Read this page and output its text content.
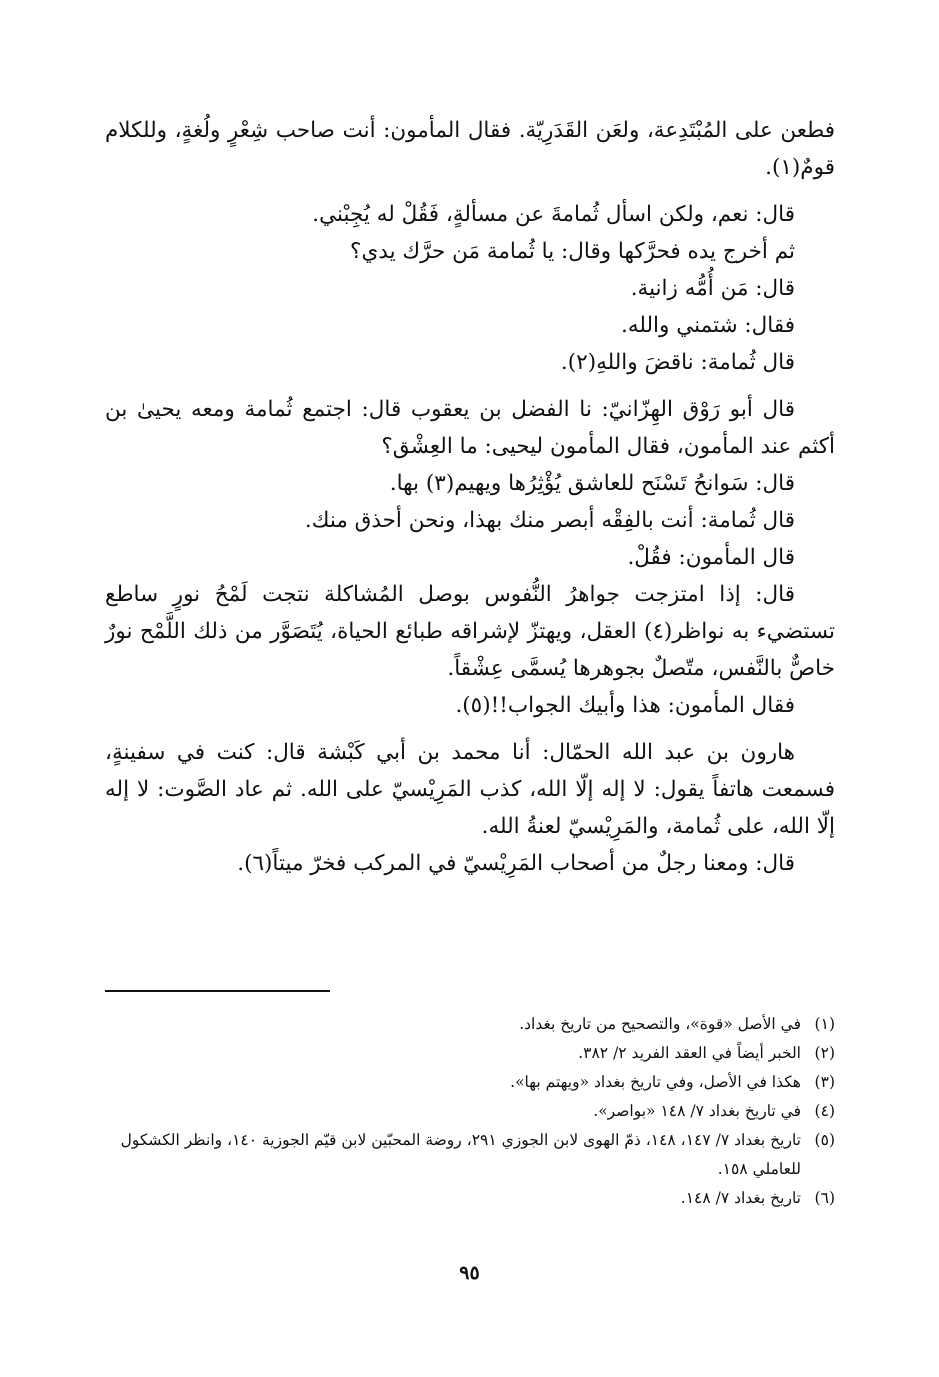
فطعن على المُبْتَدِعة، ولعَن القَدَرِيّة. فقال المأمون: أنت صاحب شِعْرٍ ولُغةٍ، وللكلام قومٌ(١).

قال: نعم، ولكن اسأل ثُمامةَ عن مسألةٍ، فَقُلْ له يُجِبْني.

ثم أخرج يده فحرَّكها وقال: يا ثُمامة مَن حرَّك يدي؟

قال: مَن أُمُّه زانية.

فقال: شتمني والله.

قال ثُمامة: ناقضَ واللهِ(٢).

قال أبو رَوْق الهِزّانيّ: نا الفضل بن يعقوب قال: اجتمع ثُمامة ومعه يحيىٰ بن أكثم عند المأمون، فقال المأمون ليحيى: ما العِشْق؟

قال: سَوانحُ تَسْنَح للعاشق يُؤْثِرُها ويهيم(٣) بها.

قال ثُمامة: أنت بالفِقْه أبصر منك بهذا، ونحن أحذق منك.

قال المأمون: فقُلْ.

قال: إذا امتزجت جواهرُ النُّفوس بوصل المُشاكلة نتجت لَمْحُ نورٍ ساطع تستضيء به نواظر(٤) العقل، ويهتزّ لإشراقه طبائع الحياة، يُتَصَوَّر من ذلك اللَّمْح نورٌ خاصٌّ بالنَّفس، متّصلٌ بجوهرها يُسمَّى عِشْقاً.

فقال المأمون: هذا وأبيك الجواب!!(٥).

هارون بن عبد الله الحمّال: أنا محمد بن أبي كَبْشة قال: كنت في سفينةٍ، فسمعت هاتفاً يقول: لا إله إلّا الله، كذب المَرِيْسيّ على الله. ثم عاد الصَّوت: لا إله إلّا الله، على ثُمامة، والمَرِيْسيّ لعنةُ الله.

قال: ومعنا رجلٌ من أصحاب المَرِيْسيّ في المركب فخرّ ميتاً(٦).

(١)في الأصل «قوة»، والتصحيح من تاريخ بغداد.

(٢)الخبر أيضاً في العقد الفريد ٢/ ٣٨٢.

(٣)هكذا في الأصل، وفي تاريخ بغداد «ويهتم بها».

(٤)في تاريخ بغداد ٧/ ١٤٨ «بواصر».

(٥)تاريخ بغداد ٧/ ١٤٧، ١٤٨، ذمّ الهوى لابن الجوزي ٢٩١، روضة المحبّين لابن قيّم الجوزية ١٤٠، وانظر الكشكول للعاملي ١٥٨.

(٦)تاريخ بغداد ٧/ ١٤٨.

٩٥
